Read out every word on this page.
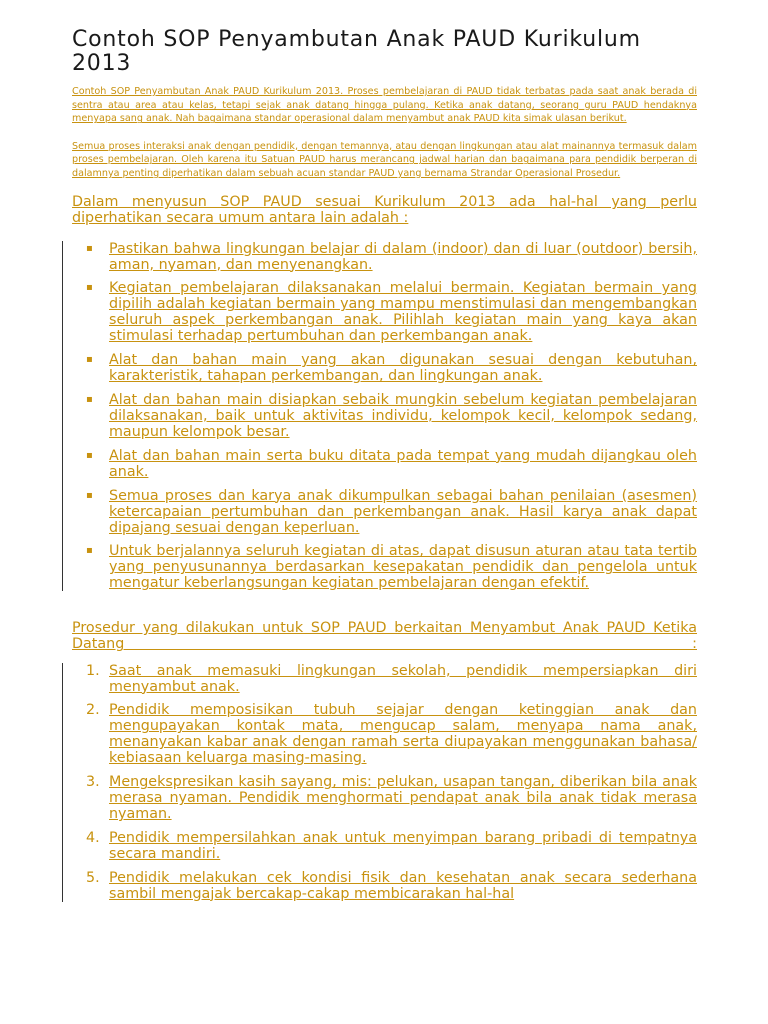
Contoh SOP Penyambutan Anak PAUD Kurikulum 2013

Contoh SOP Penyambutan Anak PAUD Kurikulum 2013. Proses pembelajaran di PAUD tidak terbatas pada saat anak berada di sentra atau area atau kelas, tetapi sejak anak datang hingga pulang. Ketika anak datang, seorang guru PAUD hendaknya menyapa sang anak. Nah bagaimana standar operasional dalam menyambut anak PAUD kita simak ulasan berikut.

Semua proses interaksi anak dengan pendidik, dengan temannya, atau dengan lingkungan atau alat mainannya termasuk dalam proses pembelajaran. Oleh karena itu Satuan PAUD harus merancang jadwal harian dan bagaimana para pendidik berperan di dalamnya penting diperhatikan dalam sebuah acuan standar PAUD yang bernama Strandar Operasional Prosedur.

Dalam menyusun SOP PAUD sesuai Kurikulum 2013 ada hal-hal yang perlu diperhatikan secara umum antara lain adalah :

▪ Pastikan bahwa lingkungan belajar di dalam (indoor) dan di luar (outdoor) bersih, aman, nyaman, dan menyenangkan.
▪ Kegiatan pembelajaran dilaksanakan melalui bermain. Kegiatan bermain yang dipilih adalah kegiatan bermain yang mampu menstimulasi dan mengembangkan seluruh aspek perkembangan anak. Pilihlah kegiatan main yang kaya akan stimulasi terhadap pertumbuhan dan perkembangan anak.
▪ Alat dan bahan main yang akan digunakan sesuai dengan kebutuhan, karakteristik, tahapan perkembangan, dan lingkungan anak.
▪ Alat dan bahan main disiapkan sebaik mungkin sebelum kegiatan pembelajaran dilaksanakan, baik untuk aktivitas individu, kelompok kecil, kelompok sedang, maupun kelompok besar.
▪ Alat dan bahan main serta buku ditata pada tempat yang mudah dijangkau oleh anak.
▪ Semua proses dan karya anak dikumpulkan sebagai bahan penilaian (asesmen) ketercapaian pertumbuhan dan perkembangan anak. Hasil karya anak dapat dipajang sesuai dengan keperluan.
▪ Untuk berjalannya seluruh kegiatan di atas, dapat disusun aturan atau tata tertib yang penyusunannya berdasarkan kesepakatan pendidik dan pengelola untuk mengatur keberlangsungan kegiatan pembelajaran dengan efektif.

Prosedur yang dilakukan untuk SOP PAUD berkaitan Menyambut Anak PAUD Ketika Datang :

1. Saat anak memasuki lingkungan sekolah, pendidik mempersiapkan diri menyambut anak.
2. Pendidik memposisikan tubuh sejajar dengan ketinggian anak dan mengupayakan kontak mata, mengucap salam, menyapa nama anak, menanyakan kabar anak dengan ramah serta diupayakan menggunakan bahasa/ kebiasaan keluarga masing-masing.
3. Mengekspresikan kasih sayang, mis: pelukan, usapan tangan, diberikan bila anak merasa nyaman. Pendidik menghormati pendapat anak bila anak tidak merasa nyaman.
4. Pendidik mempersilahkan anak untuk menyimpan barang pribadi di tempatnya secara mandiri.
5. Pendidik melakukan cek kondisi fisik dan kesehatan anak secara sederhana sambil mengajak bercakap-cakap membicarakan hal-hal
